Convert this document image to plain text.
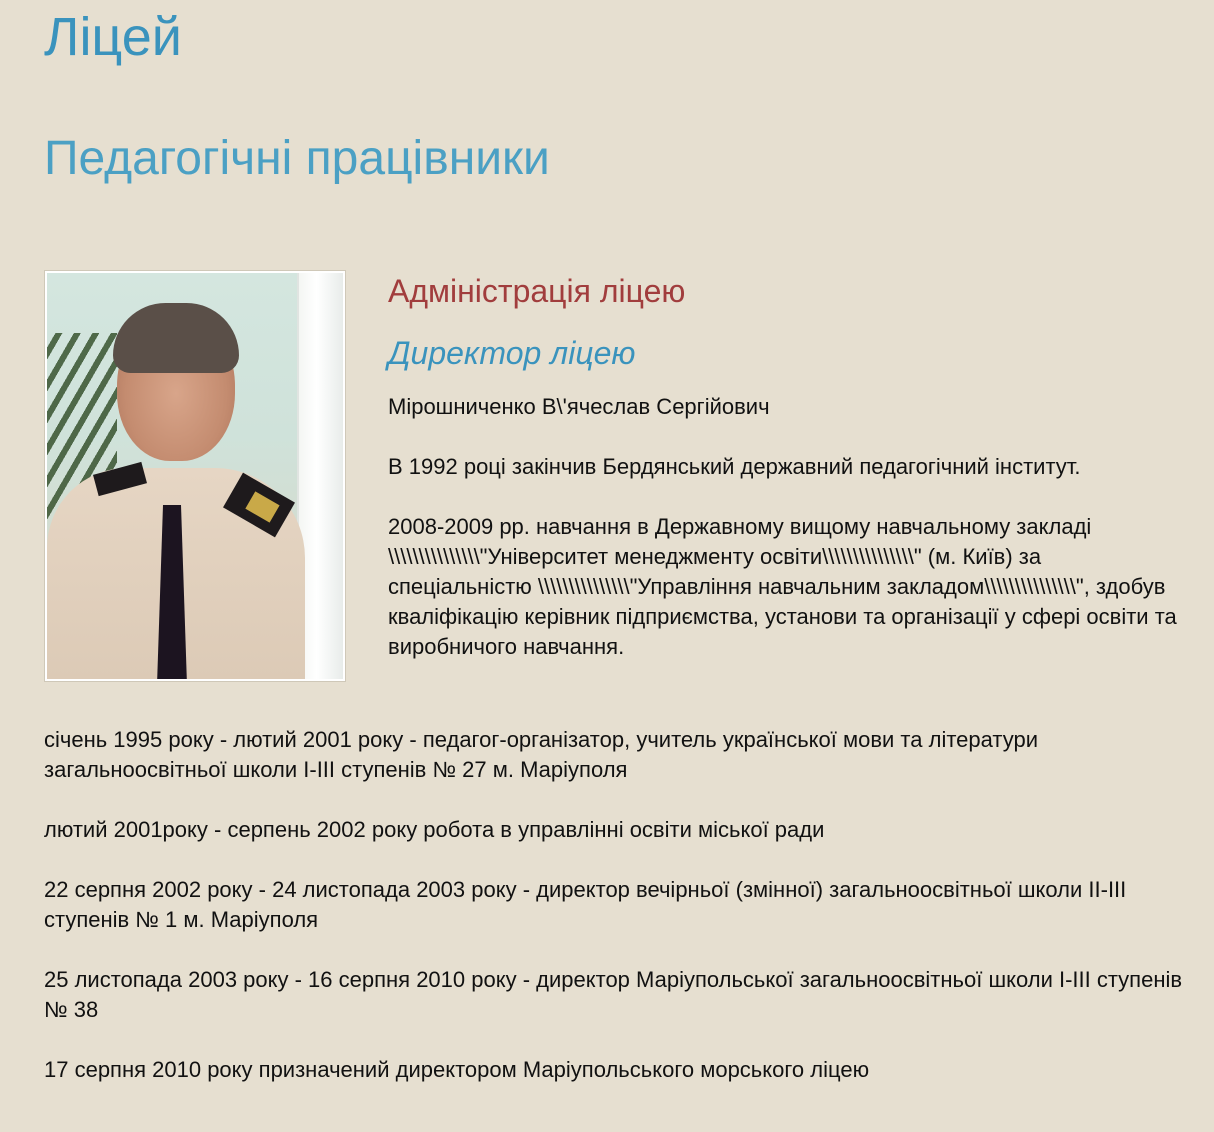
Ліцей
Педагогічні працівники
Адміністрація ліцею
Директор ліцею

Мірошниченко В\'ячеслав Сергійович

В 1992 році закінчив Бердянський державний педагогічний інститут.

2008-2009 рр. навчання в Державному вищому навчальному закладі \\\\\\\\\\\\\\\"Університет менеджменту освіти\\\\\\\\\\\\\\\" (м. Київ) за спеціальністю \\\\\\\\\\\\\\\"Управління навчальним закладом\\\\\\\\\\\\\\\", здобув кваліфікацію керівник підприємства, установи та організації у сфері освіти та виробничого навчання.

січень 1995 року - лютий 2001 року - педагог-організатор, учитель української мови та літератури загальноосвітньої школи І-ІІІ ступенів № 27 м. Маріуполя

лютий 2001року - серпень 2002 року робота в управлінні освіти міської ради

22 серпня 2002 року - 24 листопада 2003 року - директор вечірньої (змінної) загальноосвітньої школи ІІ-ІІІ ступенів № 1 м. Маріуполя

25 листопада 2003 року - 16 серпня 2010 року - директор Маріупольської загальноосвітньої школи І-ІІІ ступенів № 38

17 серпня 2010 року призначений директором Маріупольського морського ліцею
